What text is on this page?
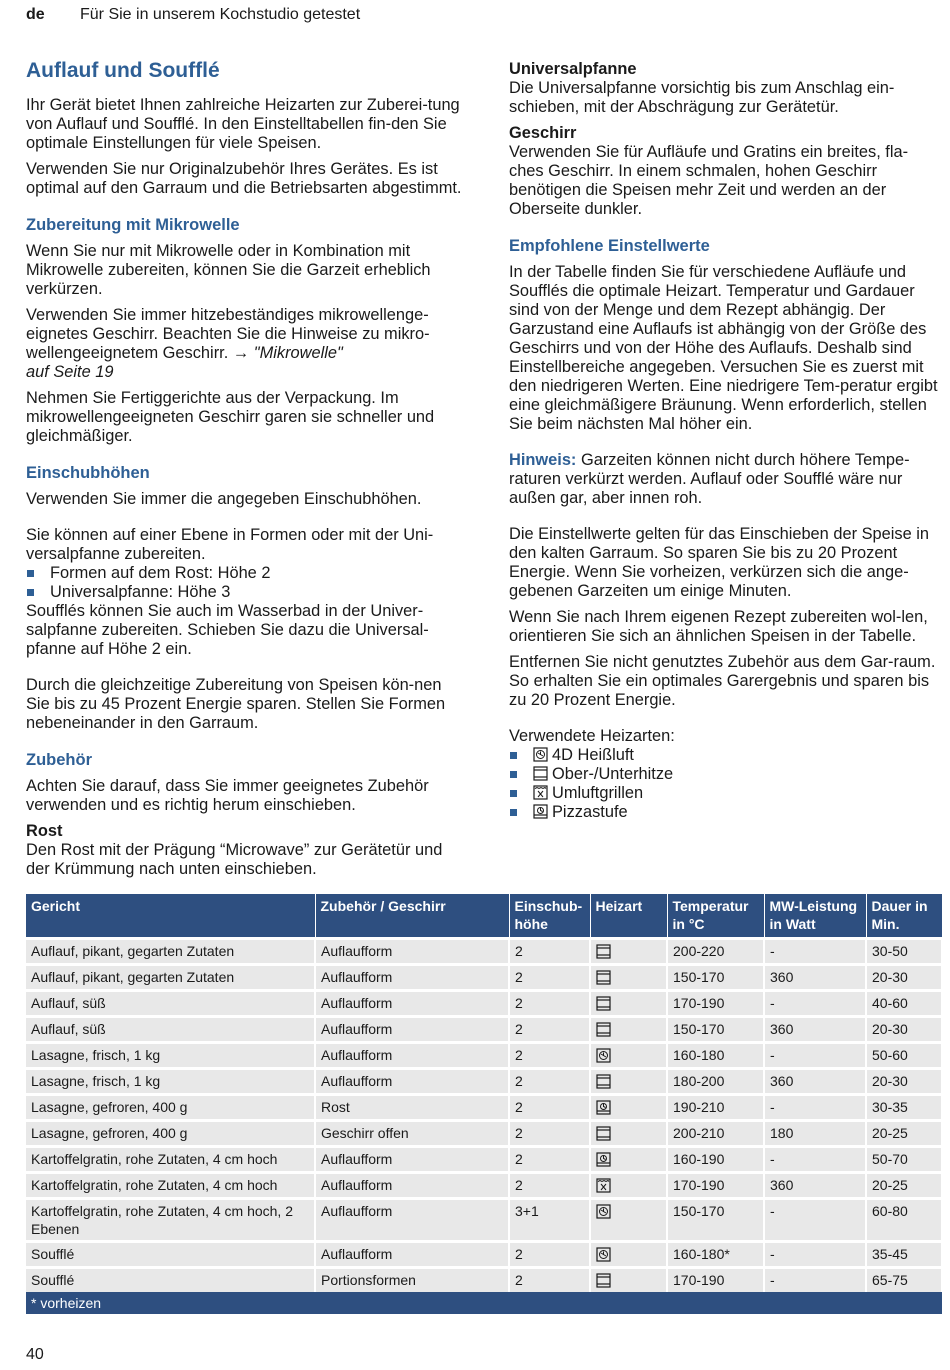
de Für Sie in unserem Kochstudio getestet
Auflauf und Soufflé

Ihr Gerät bietet Ihnen zahlreiche Heizarten zur Zuberei-tung von Auflauf und Soufflé. In den Einstelltabellen fin-den Sie optimale Einstellungen für viele Speisen.

Verwenden Sie nur Originalzubehör Ihres Gerätes. Es ist optimal auf den Garraum und die Betriebsarten abgestimmt.

Zubereitung mit Mikrowelle

Wenn Sie nur mit Mikrowelle oder in Kombination mit Mikrowelle zubereiten, können Sie die Garzeit erheblich verkürzen.

Verwenden Sie immer hitzebeständiges mikrowellenge-eignetes Geschirr. Beachten Sie die Hinweise zu mikro-wellengeeignetem Geschirr. → "Mikrowelle"
auf Seite 19

Nehmen Sie Fertiggerichte aus der Verpackung. Im mikrowellengeeigneten Geschirr garen sie schneller und gleichmäßiger.

Einschubhöhen

Verwenden Sie immer die angegeben Einschubhöhen.

Sie können auf einer Ebene in Formen oder mit der Uni-versalpfanne zubereiten.

Formen auf dem Rost: Höhe 2
Universalpfanne: Höhe 3

Soufflés können Sie auch im Wasserbad in der Univer-salpfanne zubereiten. Schieben Sie dazu die Universal-pfanne auf Höhe 2 ein.

Durch die gleichzeitige Zubereitung von Speisen kön-nen Sie bis zu 45 Prozent Energie sparen. Stellen Sie Formen nebeneinander in den Garraum.

Zubehör

Achten Sie darauf, dass Sie immer geeignetes Zubehör verwenden und es richtig herum einschieben.

Rost

Den Rost mit der Prägung “Microwave” zur Gerätetür und der Krümmung nach unten einschieben.

Universalpfanne

Die Universalpfanne vorsichtig bis zum Anschlag ein-schieben, mit der Abschrägung zur Gerätetür.

Geschirr

Verwenden Sie für Aufläufe und Gratins ein breites, fla-ches Geschirr. In einem schmalen, hohen Geschirr benötigen die Speisen mehr Zeit und werden an der Oberseite dunkler.

Empfohlene Einstellwerte

In der Tabelle finden Sie für verschiedene Aufläufe und Soufflés die optimale Heizart. Temperatur und Gardauer sind von der Menge und dem Rezept abhängig. Der Garzustand eine Auflaufs ist abhängig von der Größe des Geschirrs und von der Höhe des Auflaufs. Deshalb sind Einstellbereiche angegeben. Versuchen Sie es zuerst mit den niedrigeren Werten. Eine niedrigere Tem-peratur ergibt eine gleichmäßigere Bräunung. Wenn erforderlich, stellen Sie beim nächsten Mal höher ein.

Hinweis: Garzeiten können nicht durch höhere Tempe-raturen verkürzt werden. Auflauf oder Soufflé wäre nur außen gar, aber innen roh.

Die Einstellwerte gelten für das Einschieben der Speise in den kalten Garraum. So sparen Sie bis zu 20 Prozent Energie. Wenn Sie vorheizen, verkürzen sich die ange-gebenen Garzeiten um einige Minuten.

Wenn Sie nach Ihrem eigenen Rezept zubereiten wol-len, orientieren Sie sich an ähnlichen Speisen in der Tabelle.

Entfernen Sie nicht genutztes Zubehör aus dem Gar-raum. So erhalten Sie ein optimales Garergebnis und sparen bis zu 20 Prozent Energie.

Verwendete Heizarten:

4D Heißluft
Ober-/Unterhitze
Umluftgrillen
Pizzastufe
Gericht	Zubehör / Geschirr	Einschub-höhe	Heizart	Temperatur in °C	MW-Leistung in Watt	Dauer in Min.
Auflauf, pikant, gegarten Zutaten	Auflaufform	2		200-220	-	30-50
Auflauf, pikant, gegarten Zutaten	Auflaufform	2		150-170	360	20-30
Auflauf, süß	Auflaufform	2		170-190	-	40-60
Auflauf, süß	Auflaufform	2		150-170	360	20-30
Lasagne, frisch, 1 kg	Auflaufform	2		160-180	-	50-60
Lasagne, frisch, 1 kg	Auflaufform	2		180-200	360	20-30
Lasagne, gefroren, 400 g	Rost	2		190-210	-	30-35
Lasagne, gefroren, 400 g	Geschirr offen	2		200-210	180	20-25
Kartoffelgratin, rohe Zutaten, 4 cm hoch	Auflaufform	2		160-190	-	50-70
Kartoffelgratin, rohe Zutaten, 4 cm hoch	Auflaufform	2		170-190	360	20-25
Kartoffelgratin, rohe Zutaten, 4 cm hoch, 2 Ebenen	Auflaufform	3+1		150-170	-	60-80
Soufflé	Auflaufform	2		160-180*	-	35-45
Soufflé	Portionsformen	2		170-190	-	65-75
* vorheizen						
40
